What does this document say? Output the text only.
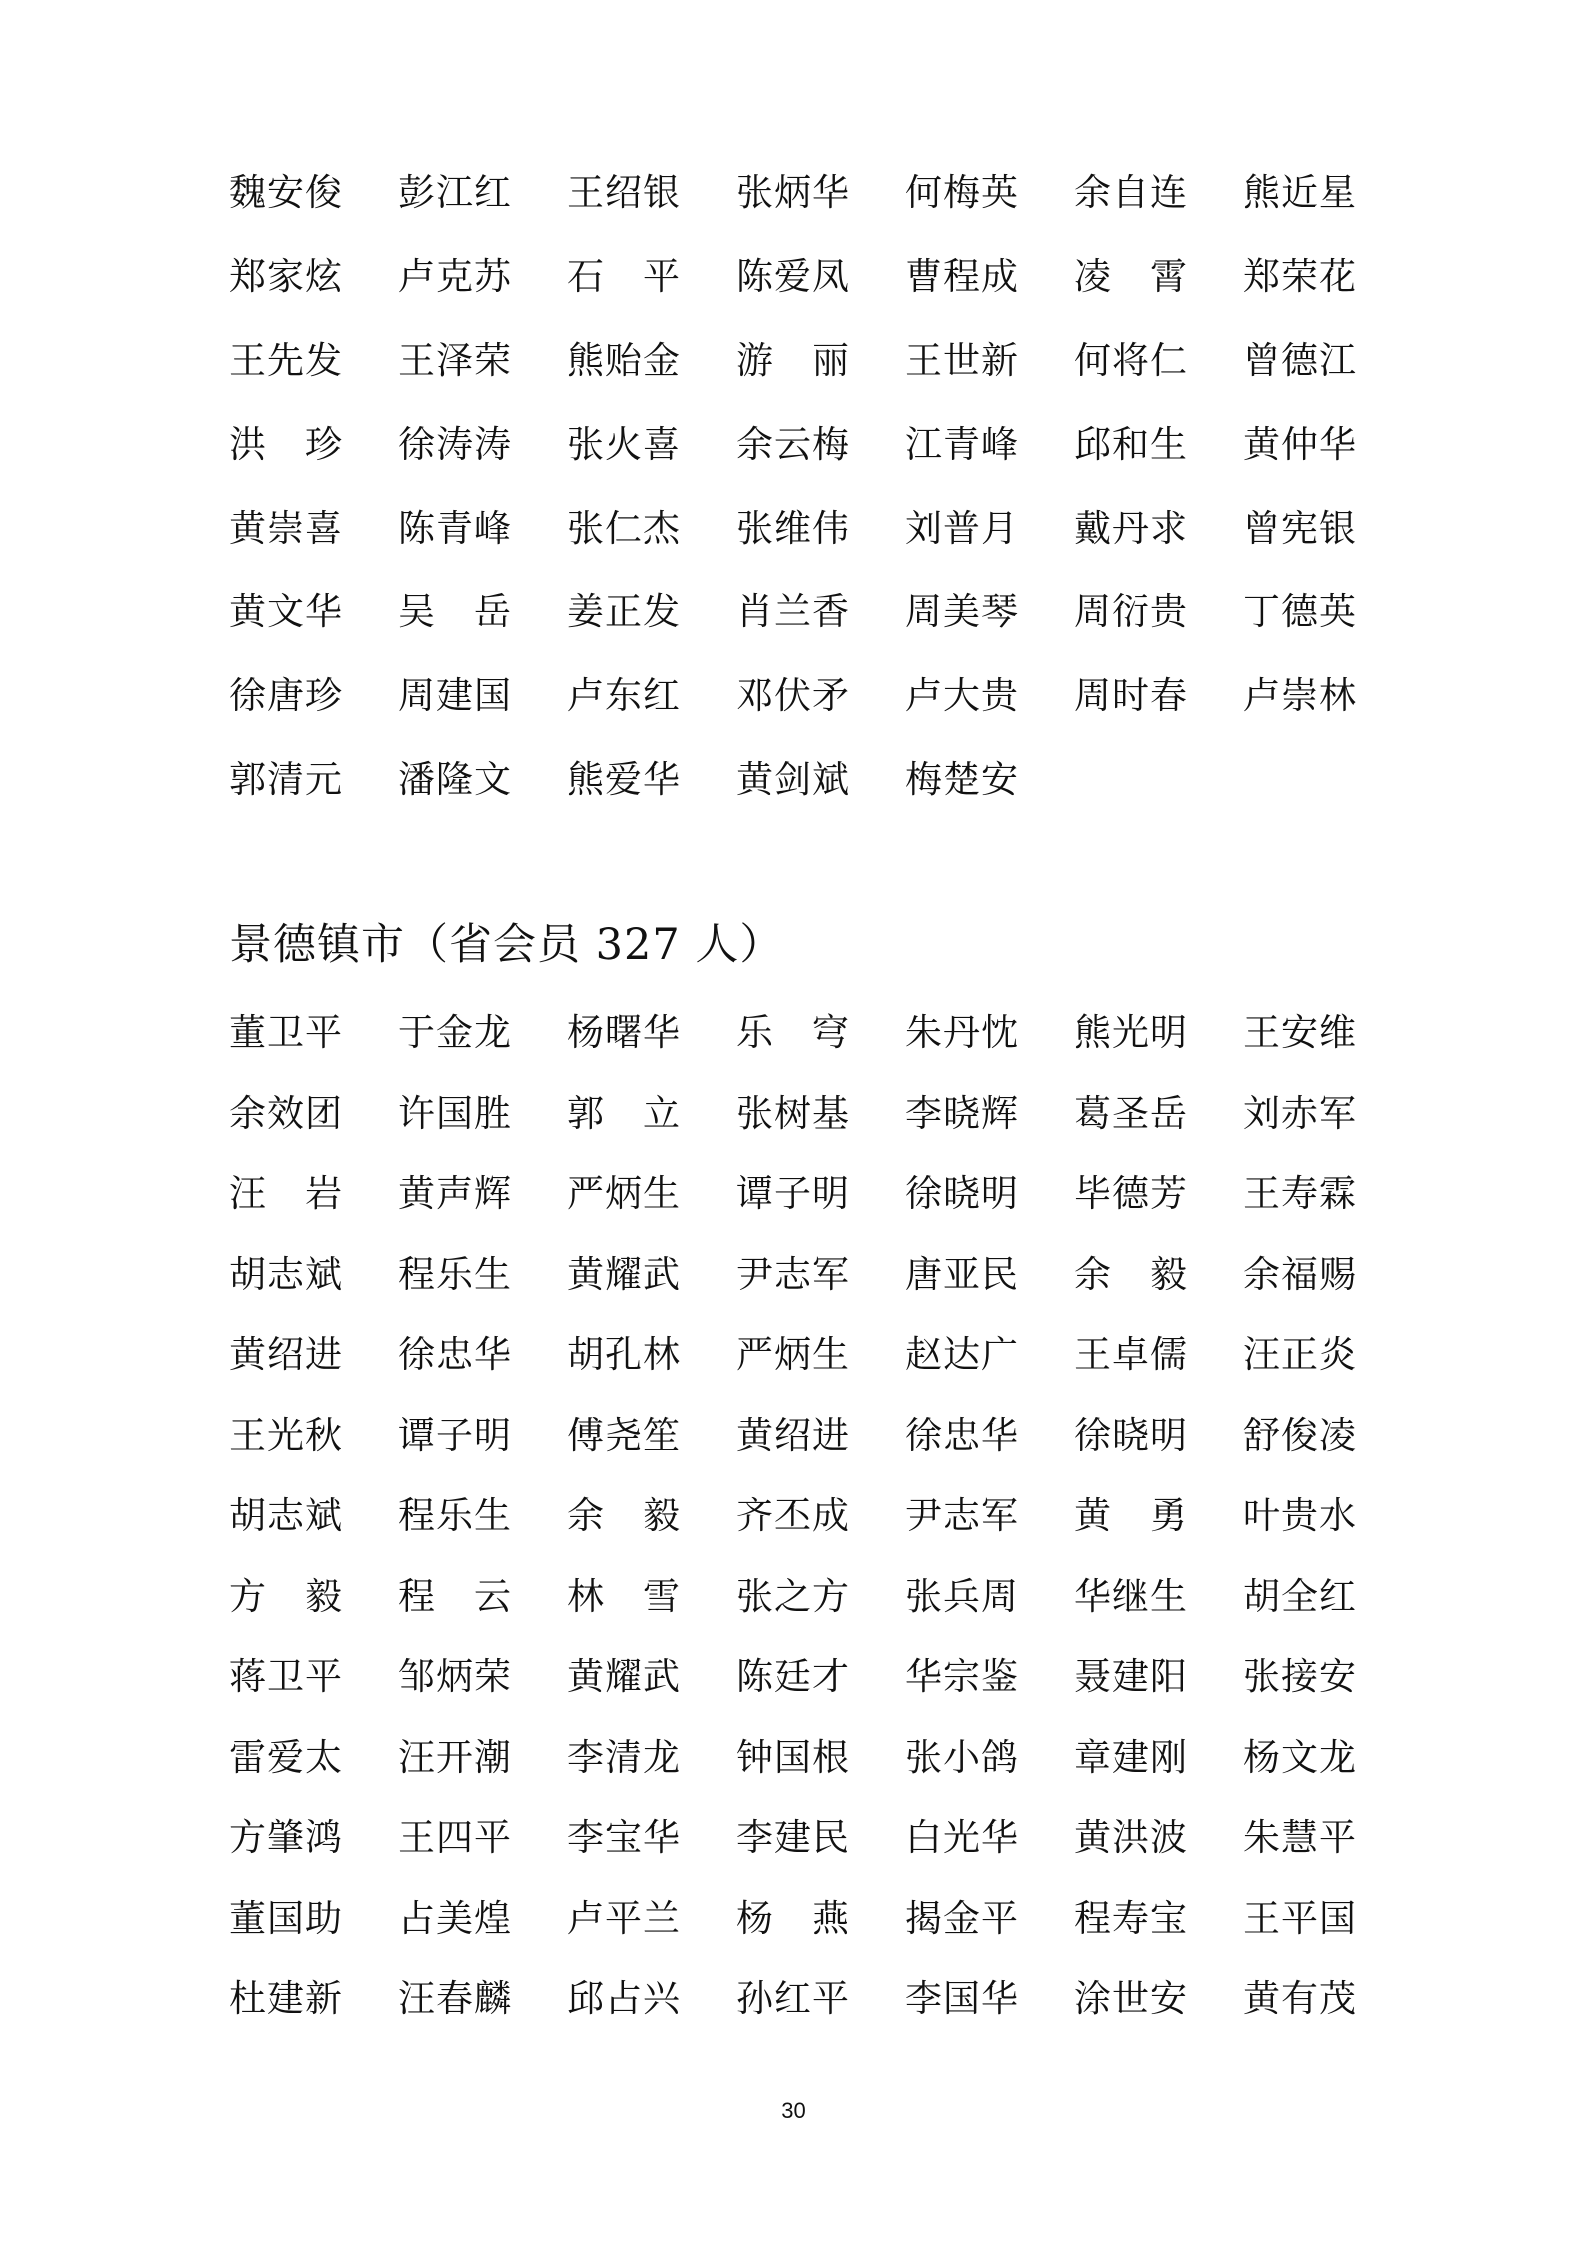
魏安俊	彭江红	王绍银	张炳华	何梅英	余自连	熊近星
郑家炫	卢克苏	石　平	陈爱凤	曹程成	凌　霄	郑荣花
王先发	王泽荣	熊贻金	游　丽	王世新	何将仁	曾德江
洪　珍	徐涛涛	张火喜	余云梅	江青峰	邱和生	黄仲华
黄崇喜	陈青峰	张仁杰	张维伟	刘普月	戴丹求	曾宪银
黄文华	吴　岳	姜正发	肖兰香	周美琴	周衍贵	丁德英
徐唐珍	周建国	卢东红	邓伏矛	卢大贵	周时春	卢崇林
郭清元	潘隆文	熊爱华	黄剑斌	梅楚安
景德镇市（省会员 327 人）
董卫平	于金龙	杨曙华	乐　穹	朱丹忱	熊光明	王安维
余效团	许国胜	郭　立	张树基	李晓辉	葛圣岳	刘赤军
汪　岩	黄声辉	严炳生	谭子明	徐晓明	毕德芳	王寿霖
胡志斌	程乐生	黄耀武	尹志军	唐亚民	余　毅	余福赐
黄绍进	徐忠华	胡孔林	严炳生	赵达广	王卓儒	汪正炎
王光秋	谭子明	傅尧笙	黄绍进	徐忠华	徐晓明	舒俊凌
胡志斌	程乐生	余　毅	齐丕成	尹志军	黄　勇	叶贵水
方　毅	程　云	林　雪	张之方	张兵周	华继生	胡全红
蒋卫平	邹炳荣	黄耀武	陈廷才	华宗鉴	聂建阳	张接安
雷爱太	汪开潮	李清龙	钟国根	张小鸽	章建刚	杨文龙
方肇鸿	王四平	李宝华	李建民	白光华	黄洪波	朱慧平
董国助	占美煌	卢平兰	杨　燕	揭金平	程寿宝	王平国
杜建新	汪春麟	邱占兴	孙红平	李国华	涂世安	黄有茂
30
